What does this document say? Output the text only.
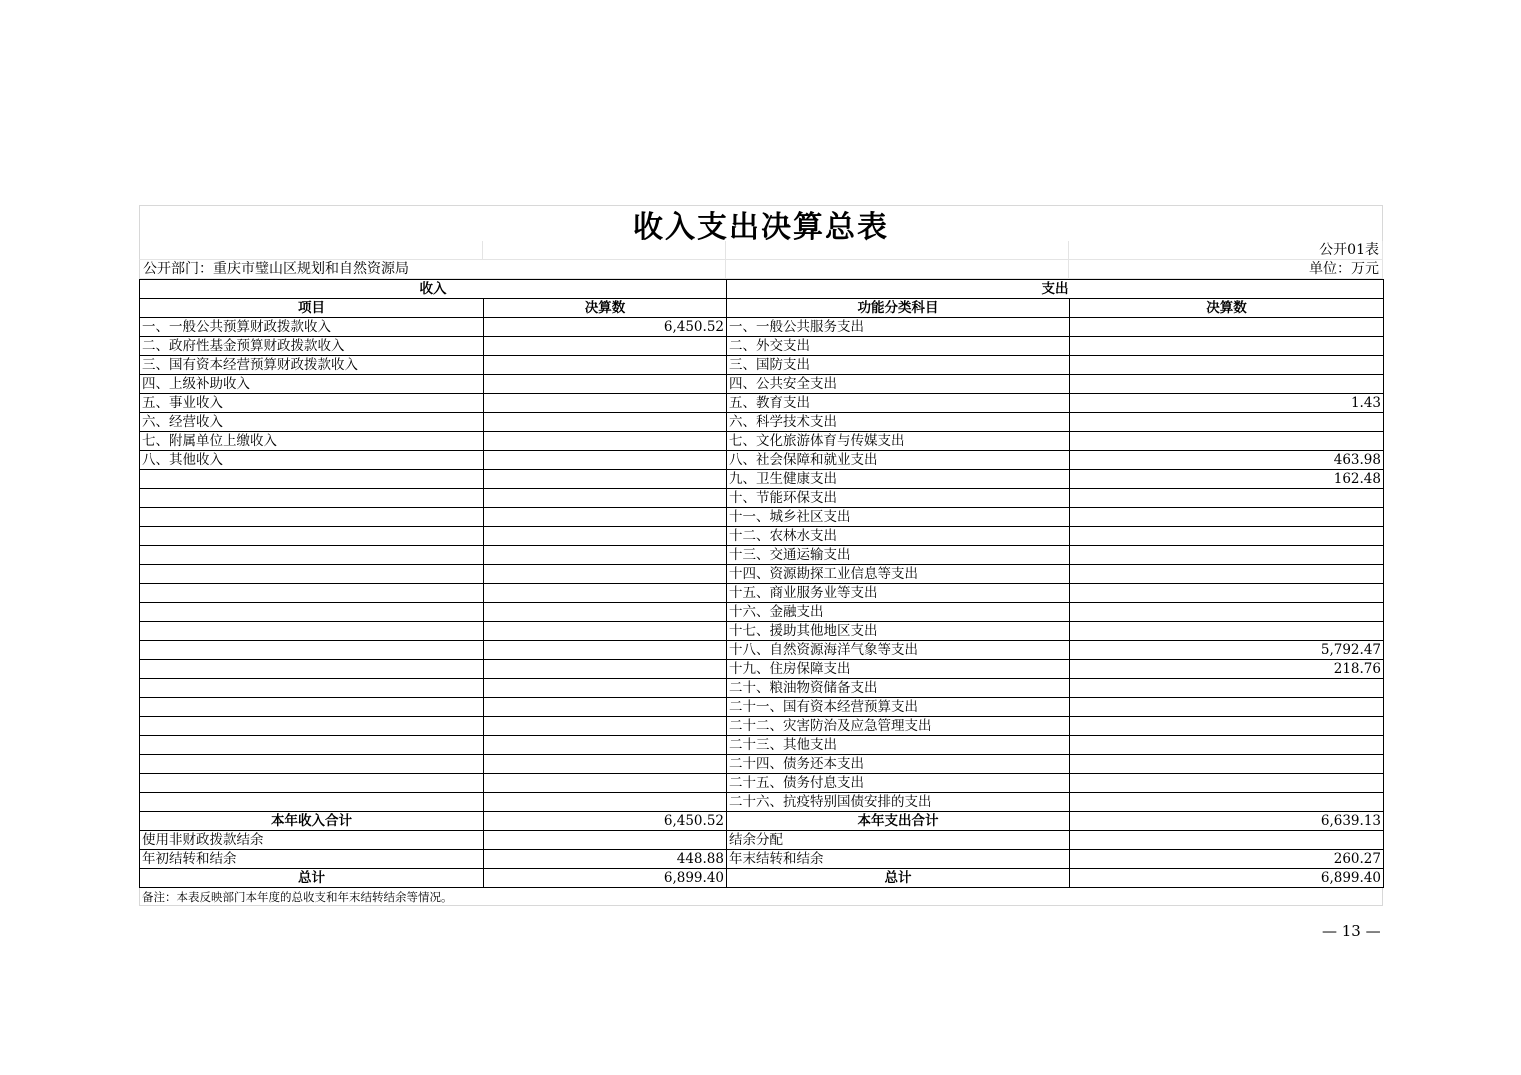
收入支出决算总表
公开01表
公开部门：重庆市璧山区规划和自然资源局	单位：万元
收入		支出	
项目	决算数	功能分类科目	决算数
一、一般公共预算财政拨款收入	6,450.52	一、一般公共服务支出	
二、政府性基金预算财政拨款收入		二、外交支出	
三、国有资本经营预算财政拨款收入		三、国防支出	
四、上级补助收入		四、公共安全支出	
五、事业收入		五、教育支出	1.43
六、经营收入		六、科学技术支出	
七、附属单位上缴收入		七、文化旅游体育与传媒支出	
八、其他收入		八、社会保障和就业支出	463.98
		九、卫生健康支出	162.48
		十、节能环保支出	
		十一、城乡社区支出	
		十二、农林水支出	
		十三、交通运输支出	
		十四、资源勘探工业信息等支出	
		十五、商业服务业等支出	
		十六、金融支出	
		十七、援助其他地区支出	
		十八、自然资源海洋气象等支出	5,792.47
		十九、住房保障支出	218.76
		二十、粮油物资储备支出	
		二十一、国有资本经营预算支出	
		二十二、灾害防治及应急管理支出	
		二十三、其他支出	
		二十四、债务还本支出	
		二十五、债务付息支出	
		二十六、抗疫特别国债安排的支出	
本年收入合计	6,450.52	本年支出合计	6,639.13
使用非财政拨款结余		结余分配	
年初结转和结余	448.88	年末结转和结余	260.27
总计	6,899.40	总计	6,899.40
备注：本表反映部门本年度的总收支和年末结转结余等情况。
— 13 —
